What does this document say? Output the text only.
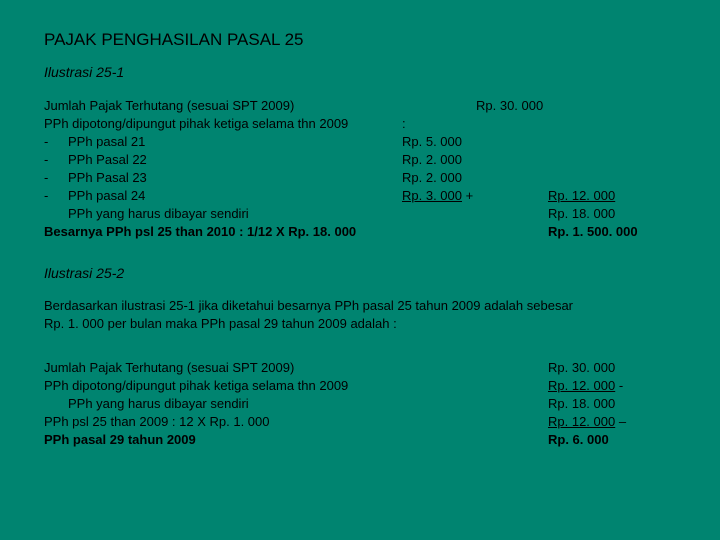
PAJAK PENGHASILAN PASAL 25
Ilustrasi 25-1
Jumlah Pajak Terhutang (sesuai SPT 2009)	Rp. 30. 000
PPh dipotong/dipungut pihak ketiga selama thn 2009	:
- PPh pasal 21	Rp. 5. 000
- PPh Pasal 22	Rp. 2. 000
- PPh Pasal 23	Rp. 2. 000
- PPh pasal 24	Rp. 3. 000 +	Rp. 12. 000
PPh yang harus dibayar sendiri	Rp. 18. 000
Besarnya PPh psl 25 than 2010 : 1/12 X Rp. 18. 000	Rp. 1. 500. 000
Ilustrasi 25-2
Berdasarkan ilustrasi 25-1 jika diketahui besarnya PPh pasal 25 tahun 2009 adalah sebesar
Rp. 1. 000 per bulan maka PPh pasal 29 tahun 2009 adalah :
Jumlah Pajak Terhutang (sesuai SPT 2009)	Rp. 30. 000
PPh dipotong/dipungut pihak ketiga selama thn 2009	Rp. 12. 000 -
PPh yang harus dibayar sendiri	Rp. 18. 000
PPh psl 25 than 2009 : 12 X Rp. 1. 000	Rp. 12. 000 –
PPh pasal 29 tahun 2009	Rp. 6. 000
